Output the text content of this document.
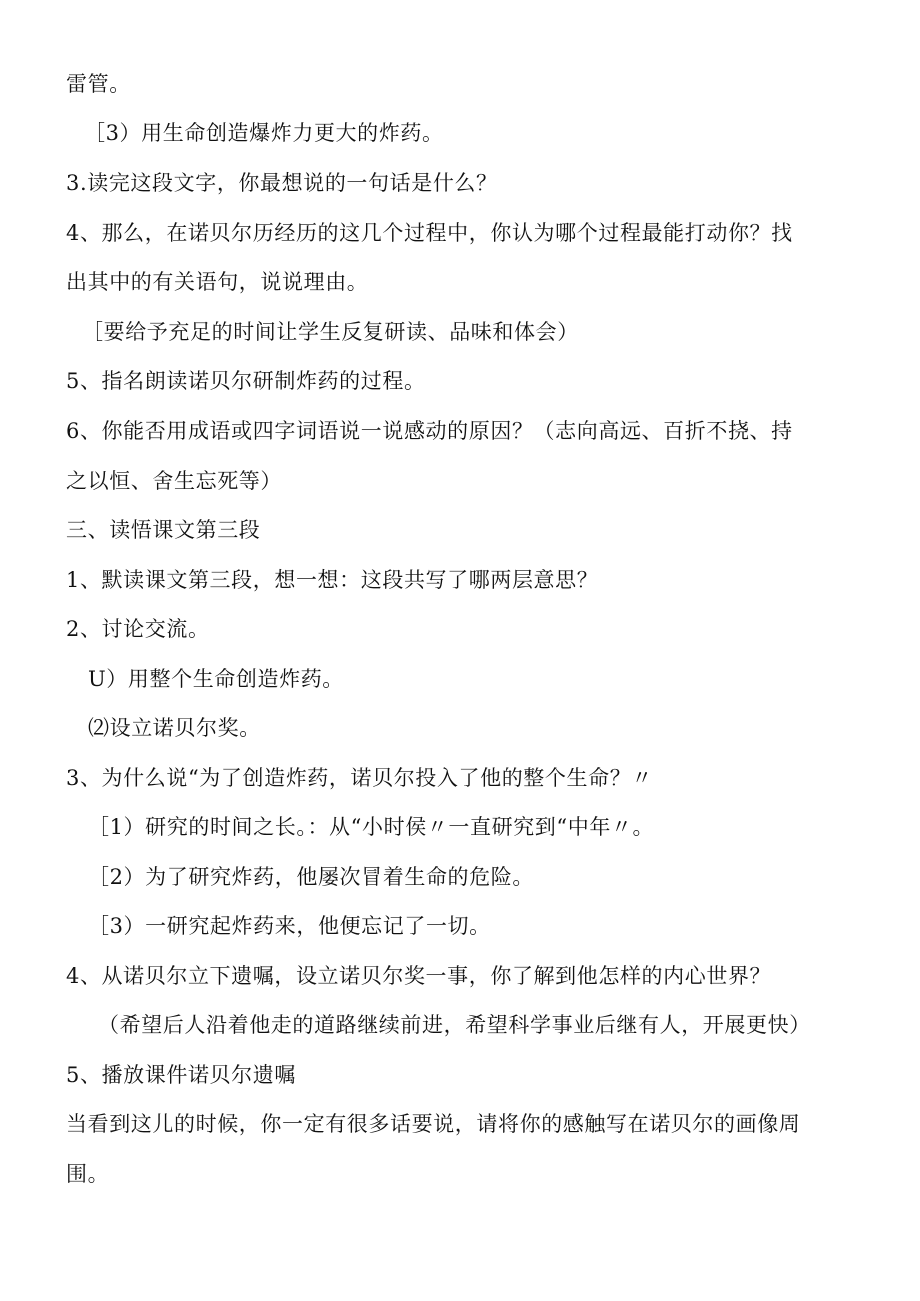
雷管。
［3）用生命创造爆炸力更大的炸药。
3.读完这段文字，你最想说的一句话是什么？
4、那么，在诺贝尔历经历的这几个过程中，你认为哪个过程最能打动你？找
出其中的有关语句，说说理由。
［要给予充足的时间让学生反复研读、品味和体会）
5、指名朗读诺贝尔研制炸药的过程。
6、你能否用成语或四字词语说一说感动的原因？（志向高远、百折不挠、持
之以恒、舍生忘死等）
三、读悟课文第三段
1、默读课文第三段，想一想：这段共写了哪两层意思？
2、讨论交流。
U）用整个生命创造炸药。
⑵设立诺贝尔奖。
3、为什么说“为了创造炸药，诺贝尔投入了他的整个生命？〃
［1）研究的时间之长。：从“小时侯〃一直研究到“中年〃。
［2）为了研究炸药，他屡次冒着生命的危险。
［3）一研究起炸药来，他便忘记了一切。
4、从诺贝尔立下遗嘱，设立诺贝尔奖一事，你了解到他怎样的内心世界？
（希望后人沿着他走的道路继续前进，希望科学事业后继有人，开展更快）
5、播放课件诺贝尔遗嘱
当看到这儿的时候，你一定有很多话要说，请将你的感触写在诺贝尔的画像周
围。
